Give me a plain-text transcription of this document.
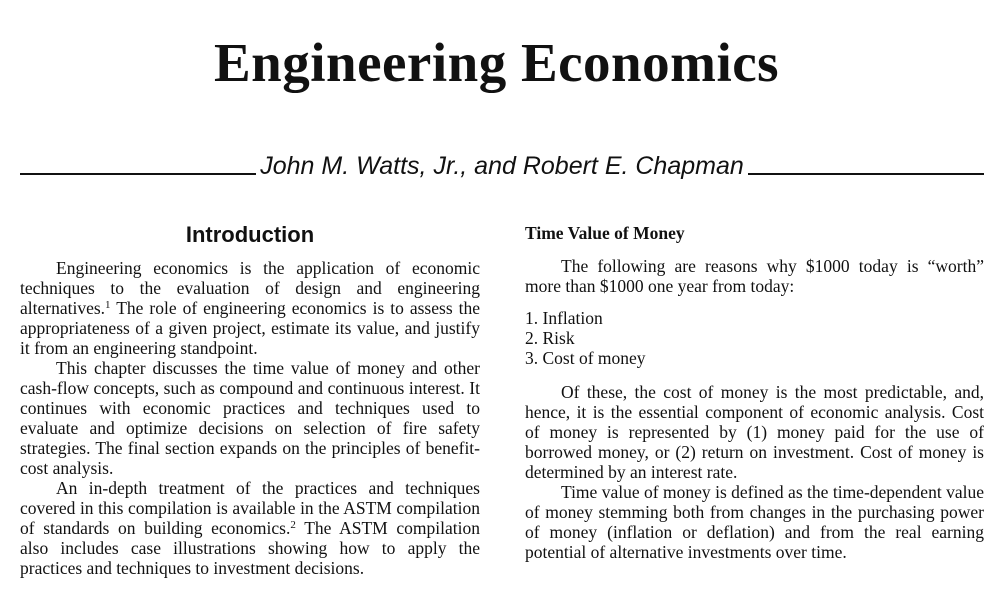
Engineering Economics
John M. Watts, Jr., and Robert E. Chapman
Introduction

Engineering economics is the application of economic techniques to the evaluation of design and engineering alternatives.$^1$ The role of engineering economics is to assess the appropriateness of a given project, estimate its value, and justify it from an engineering standpoint.

This chapter discusses the time value of money and other cash-flow concepts, such as compound and continuous interest. It continues with economic practices and techniques used to evaluate and optimize decisions on selection of fire safety strategies. The final section expands on the principles of benefit-cost analysis.

An in-depth treatment of the practices and techniques covered in this compilation is available in the ASTM compilation of standards on building economics.$^2$ The ASTM compilation also includes case illustrations showing how to apply the practices and techniques to investment decisions.

Time Value of Money

The following are reasons why $1000 today is “worth” more than $1000 one year from today:

1. Inflation
2. Risk
3. Cost of money

Of these, the cost of money is the most predictable, and, hence, it is the essential component of economic analysis. Cost of money is represented by (1) money paid for the use of borrowed money, or (2) return on investment. Cost of money is determined by an interest rate.

Time value of money is defined as the time-dependent value of money stemming both from changes in the purchasing power of money (inflation or deflation) and from the real earning potential of alternative investments over time.
